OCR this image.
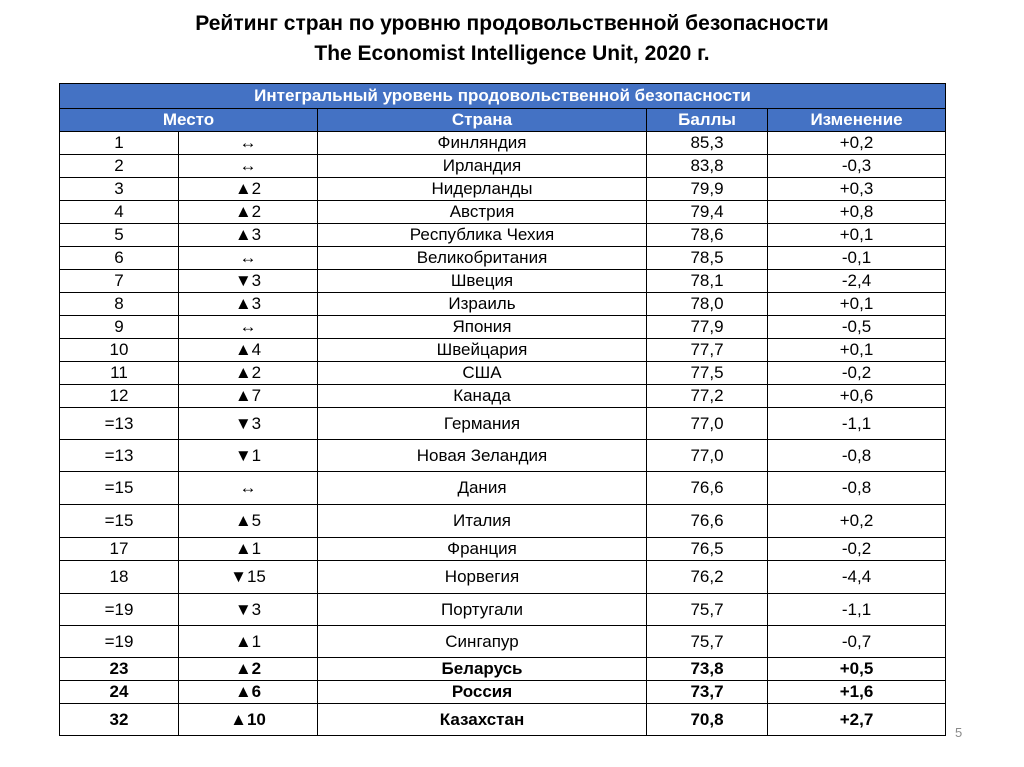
Рейтинг стран по уровню продовольственной безопасности
The Economist Intelligence Unit, 2020 г.
Интегральный уровень продовольственной безопасности				
Место		Страна	Баллы	Изменение
1	↔	Финляндия	85,3	+0,2
2	↔	Ирландия	83,8	-0,3
3	▲2	Нидерланды	79,9	+0,3
4	▲2	Австрия	79,4	+0,8
5	▲3	Республика Чехия	78,6	+0,1
6	↔	Великобритания	78,5	-0,1
7	▼3	Швеция	78,1	-2,4
8	▲3	Израиль	78,0	+0,1
9	↔	Япония	77,9	-0,5
10	▲4	Швейцария	77,7	+0,1
11	▲2	США	77,5	-0,2
12	▲7	Канада	77,2	+0,6
=13	▼3	Германия	77,0	-1,1
=13	▼1	Новая Зеландия	77,0	-0,8
=15	↔	Дания	76,6	-0,8
=15	▲5	Италия	76,6	+0,2
17	▲1	Франция	76,5	-0,2
18	▼15	Норвегия	76,2	-4,4
=19	▼3	Португали	75,7	-1,1
=19	▲1	Сингапур	75,7	-0,7
23	▲2	Беларусь	73,8	+0,5
24	▲6	Россия	73,7	+1,6
32	▲10	Казахстан	70,8	+2,7
5
